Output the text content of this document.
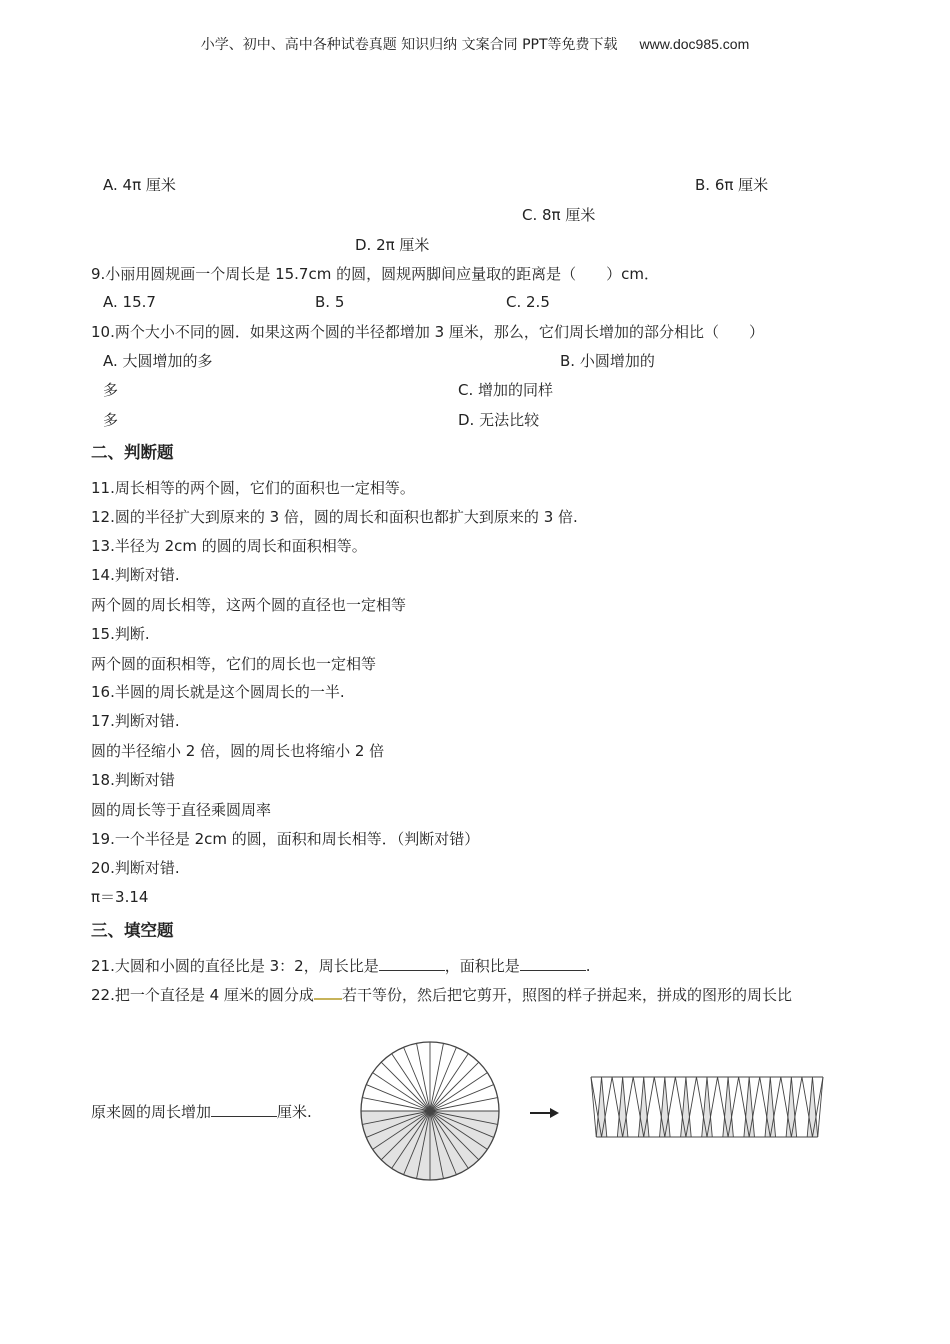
小学、初中、高中各种试卷真题 知识归纳 文案合同 PPT等免费下载 www.doc985.com
A. 4π 厘米	B. 6π 厘米
C. 8π 厘米
D. 2π 厘米
9.小丽用圆规画一个周长是 15.7cm 的圆，圆规两脚间应量取的距离是（　　）cm．
A. 15.7	B. 5	C. 2.5
10.两个大小不同的圆．如果这两个圆的半径都增加 3 厘米，那么，它们周长增加的部分相比（　　）
A. 大圆增加的多	B. 小圆增加的
多	C. 增加的同样
多	D. 无法比较
二、判断题
11.周长相等的两个圆，它们的面积也一定相等。
12.圆的半径扩大到原来的 3 倍，圆的周长和面积也都扩大到原来的 3 倍.
13.半径为 2cm 的圆的周长和面积相等。
14.判断对错.
两个圆的周长相等，这两个圆的直径也一定相等
15.判断.
两个圆的面积相等，它们的周长也一定相等
16.半圆的周长就是这个圆周长的一半.
17.判断对错.
圆的半径缩小 2 倍，圆的周长也将缩小 2 倍
18.判断对错
圆的周长等于直径乘圆周率
19.一个半径是 2cm 的圆，面积和周长相等．（判断对错）
20.判断对错.
π＝3.14
三、填空题
21.大圆和小圆的直径比是 3：2，周长比是	，面积比是	.
22.把一个直径是 4 厘米的圆分成 若干等份，然后把它剪开，照图的样子拼起来，拼成的图形的周长比
原来圆的周长增加	厘米.
